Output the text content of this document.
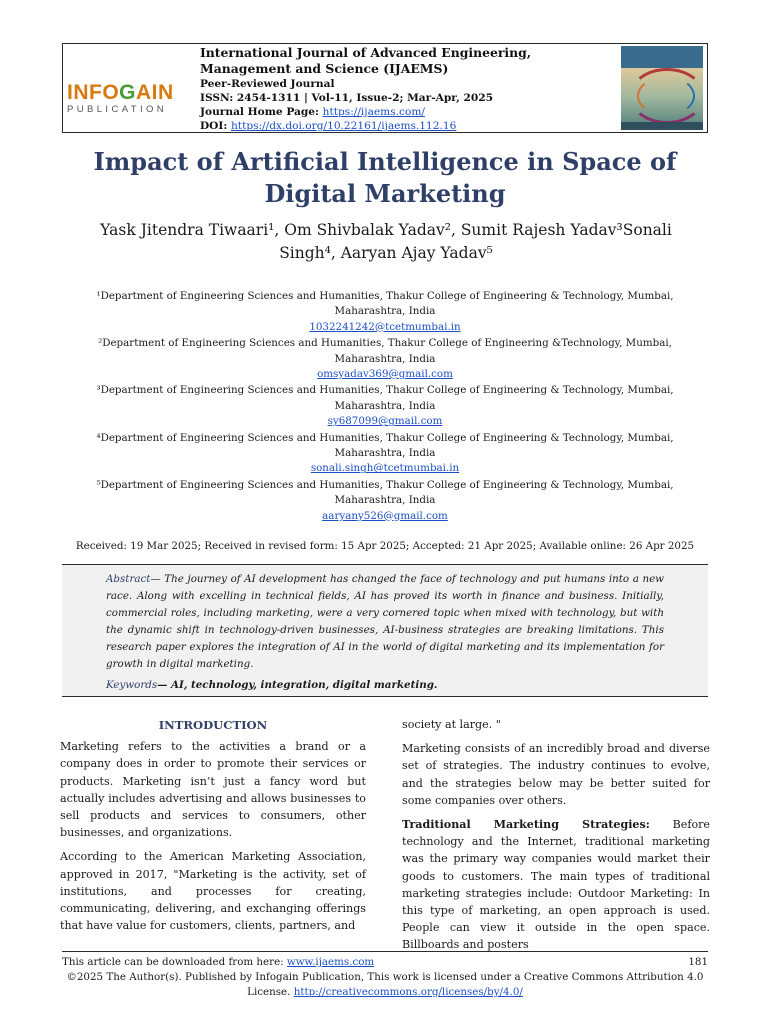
INFOGAIN
PUBLICATION
International Journal of Advanced Engineering, Management and Science (IJAEMS)
Peer-Reviewed Journal
ISSN: 2454-1311 | Vol-11, Issue-2; Mar-Apr, 2025
Journal Home Page: https://ijaems.com/
DOI: https://dx.doi.org/10.22161/ijaems.112.16
Impact of Artificial Intelligence in Space of Digital Marketing
Yask Jitendra Tiwaari¹, Om Shivbalak Yadav², Sumit Rajesh Yadav³Sonali Singh⁴, Aaryan Ajay Yadav⁵
¹Department of Engineering Sciences and Humanities, Thakur College of Engineering & Technology, Mumbai,
Maharashtra, India
1032241242@tcetmumbai.in
²Department of Engineering Sciences and Humanities, Thakur College of Engineering &Technology, Mumbai,
Maharashtra, India
omsyadav369@gmail.com
³Department of Engineering Sciences and Humanities, Thakur College of Engineering & Technology, Mumbai,
Maharashtra, India
sy687099@gmail.com
⁴Department of Engineering Sciences and Humanities, Thakur College of Engineering & Technology, Mumbai,
Maharashtra, India
sonali.singh@tcetmumbai.in
⁵Department of Engineering Sciences and Humanities, Thakur College of Engineering & Technology, Mumbai,
Maharashtra, India
aaryany526@gmail.com
Received: 19 Mar 2025; Received in revised form: 15 Apr 2025; Accepted: 21 Apr 2025; Available online: 26 Apr 2025
Abstract— The journey of AI development has changed the face of technology and put humans into a new race. Along with excelling in technical fields, AI has proved its worth in finance and business. Initially, commercial roles, including marketing, were a very cornered topic when mixed with technology, but with the dynamic shift in technology-driven businesses, AI-business strategies are breaking limitations. This research paper explores the integration of AI in the world of digital marketing and its implementation for growth in digital marketing.
Keywords— AI, technology, integration, digital marketing.
INTRODUCTION

Marketing refers to the activities a brand or a company does in order to promote their services or products. Marketing isn’t just a fancy word but actually includes advertising and allows businesses to sell products and services to consumers, other businesses, and organizations.

According to the American Marketing Association, approved in 2017, "Marketing is the activity, set of institutions, and processes for creating, communicating, delivering, and exchanging offerings that have value for customers, clients, partners, and

society at large. "

Marketing consists of an incredibly broad and diverse set of strategies. The industry continues to evolve, and the strategies below may be better suited for some companies over others.

Traditional Marketing Strategies: Before technology and the Internet, traditional marketing was the primary way companies would market their goods to customers. The main types of traditional marketing strategies include: Outdoor Marketing: In this type of marketing, an open approach is used. People can view it outside in the open space. Billboards and posters

This article can be downloaded from here: www.ijaems.com	181
©2025 The Author(s). Published by Infogain Publication, This work is licensed under a Creative Commons Attribution 4.0 License. http://creativecommons.org/licenses/by/4.0/
